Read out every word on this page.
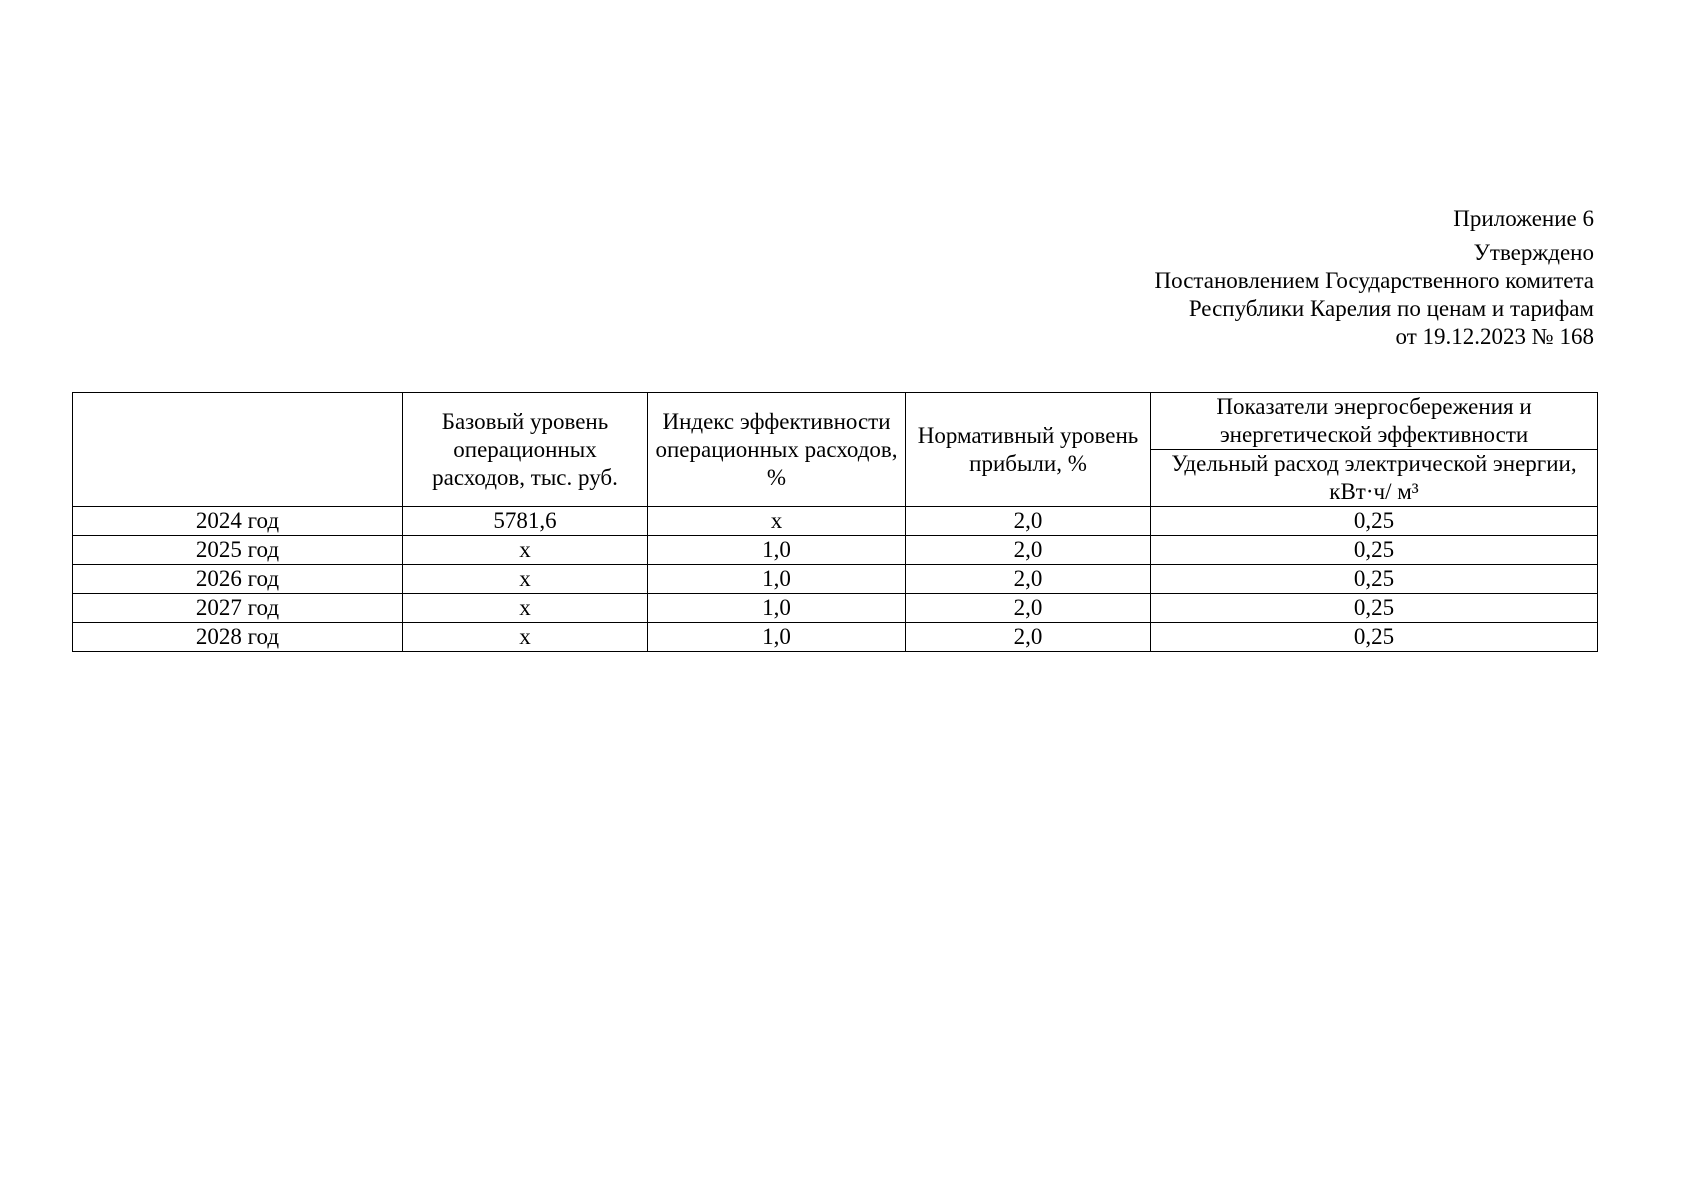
Приложение 6
Утверждено
Постановлением Государственного комитета
Республики Карелия по ценам и тарифам
от 19.12.2023 № 168
	Базовый уровень операционных расходов, тыс. руб.	Индекс эффективности операционных расходов, %	Нормативный уровень прибыли, %	Показатели энергосбережения и энергетической эффективности
				Удельный расход электрической энергии, кВт·ч/ м³
2024 год	5781,6	х	2,0	0,25
2025 год	х	1,0	2,0	0,25
2026 год	х	1,0	2,0	0,25
2027 год	х	1,0	2,0	0,25
2028 год	х	1,0	2,0	0,25
